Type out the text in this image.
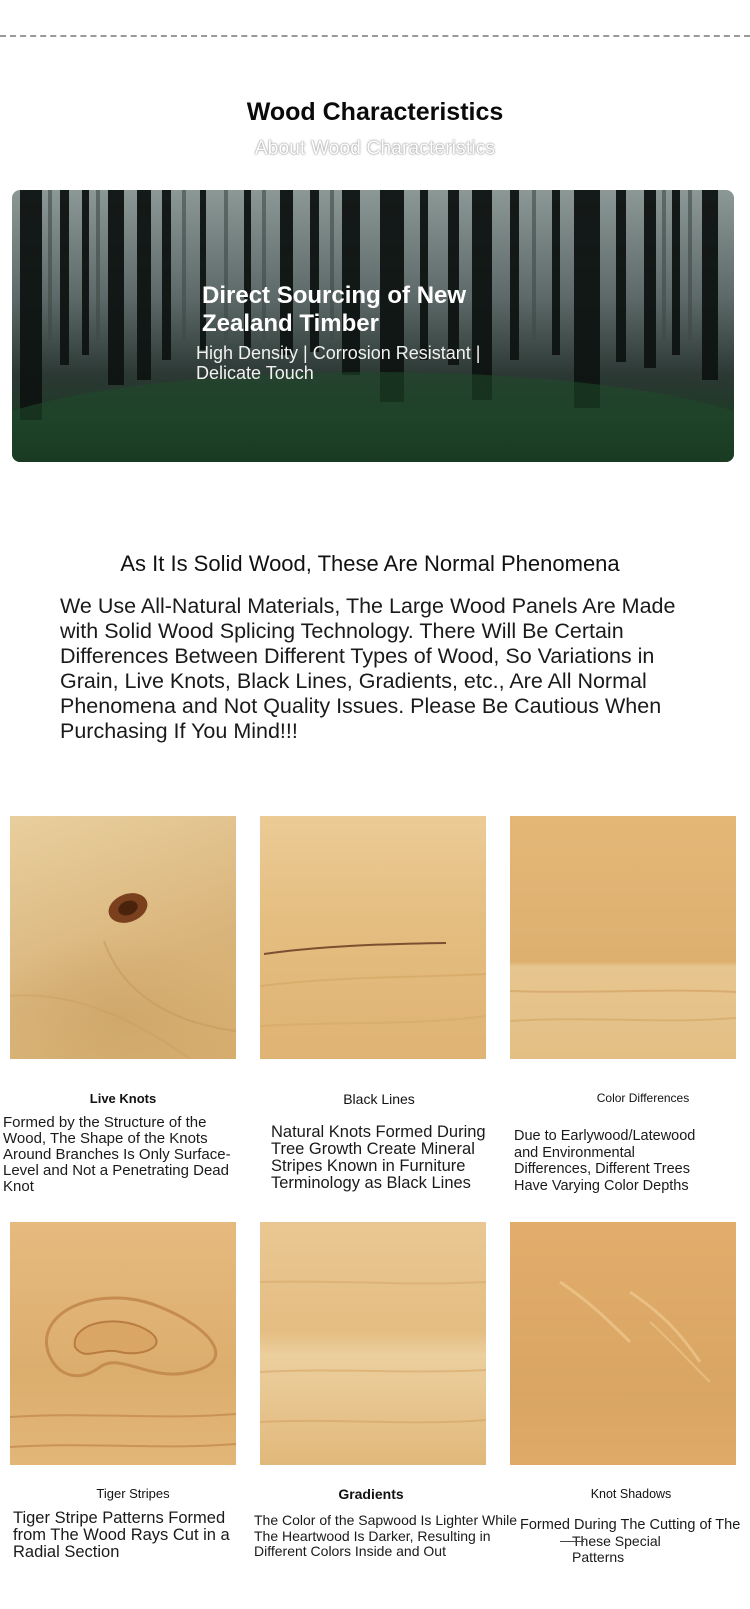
Wood Characteristics
About Wood Characteristics
Direct Sourcing of New Zealand Timber
High Density | Corrosion Resistant | Delicate Touch
As It Is Solid Wood, These Are Normal Phenomena
We Use All-Natural Materials, The Large Wood Panels Are Made with Solid Wood Splicing Technology. There Will Be Certain Differences Between Different Types of Wood, So Variations in Grain, Live Knots, Black Lines, Gradients, etc., Are All Normal Phenomena and Not Quality Issues. Please Be Cautious When Purchasing If You Mind!!!
Live Knots	Black Lines	Color Differences
Formed by the Structure of the Wood, The Shape of the Knots Around Branches Is Only Surface-Level and Not a Penetrating Dead Knot
Natural Knots Formed During Tree Growth Create Mineral Stripes Known in Furniture Terminology as Black Lines
Due to Earlywood/Latewood and Environmental Differences, Different Trees Have Varying Color Depths
Tiger Stripes	Gradients	Knot Shadows
Tiger Stripe Patterns Formed from The Wood Rays Cut in a Radial Section
The Color of the Sapwood Is Lighter While The Heartwood Is Darker, Resulting in Different Colors Inside and Out
Formed During The Cutting of The
These Special Patterns
